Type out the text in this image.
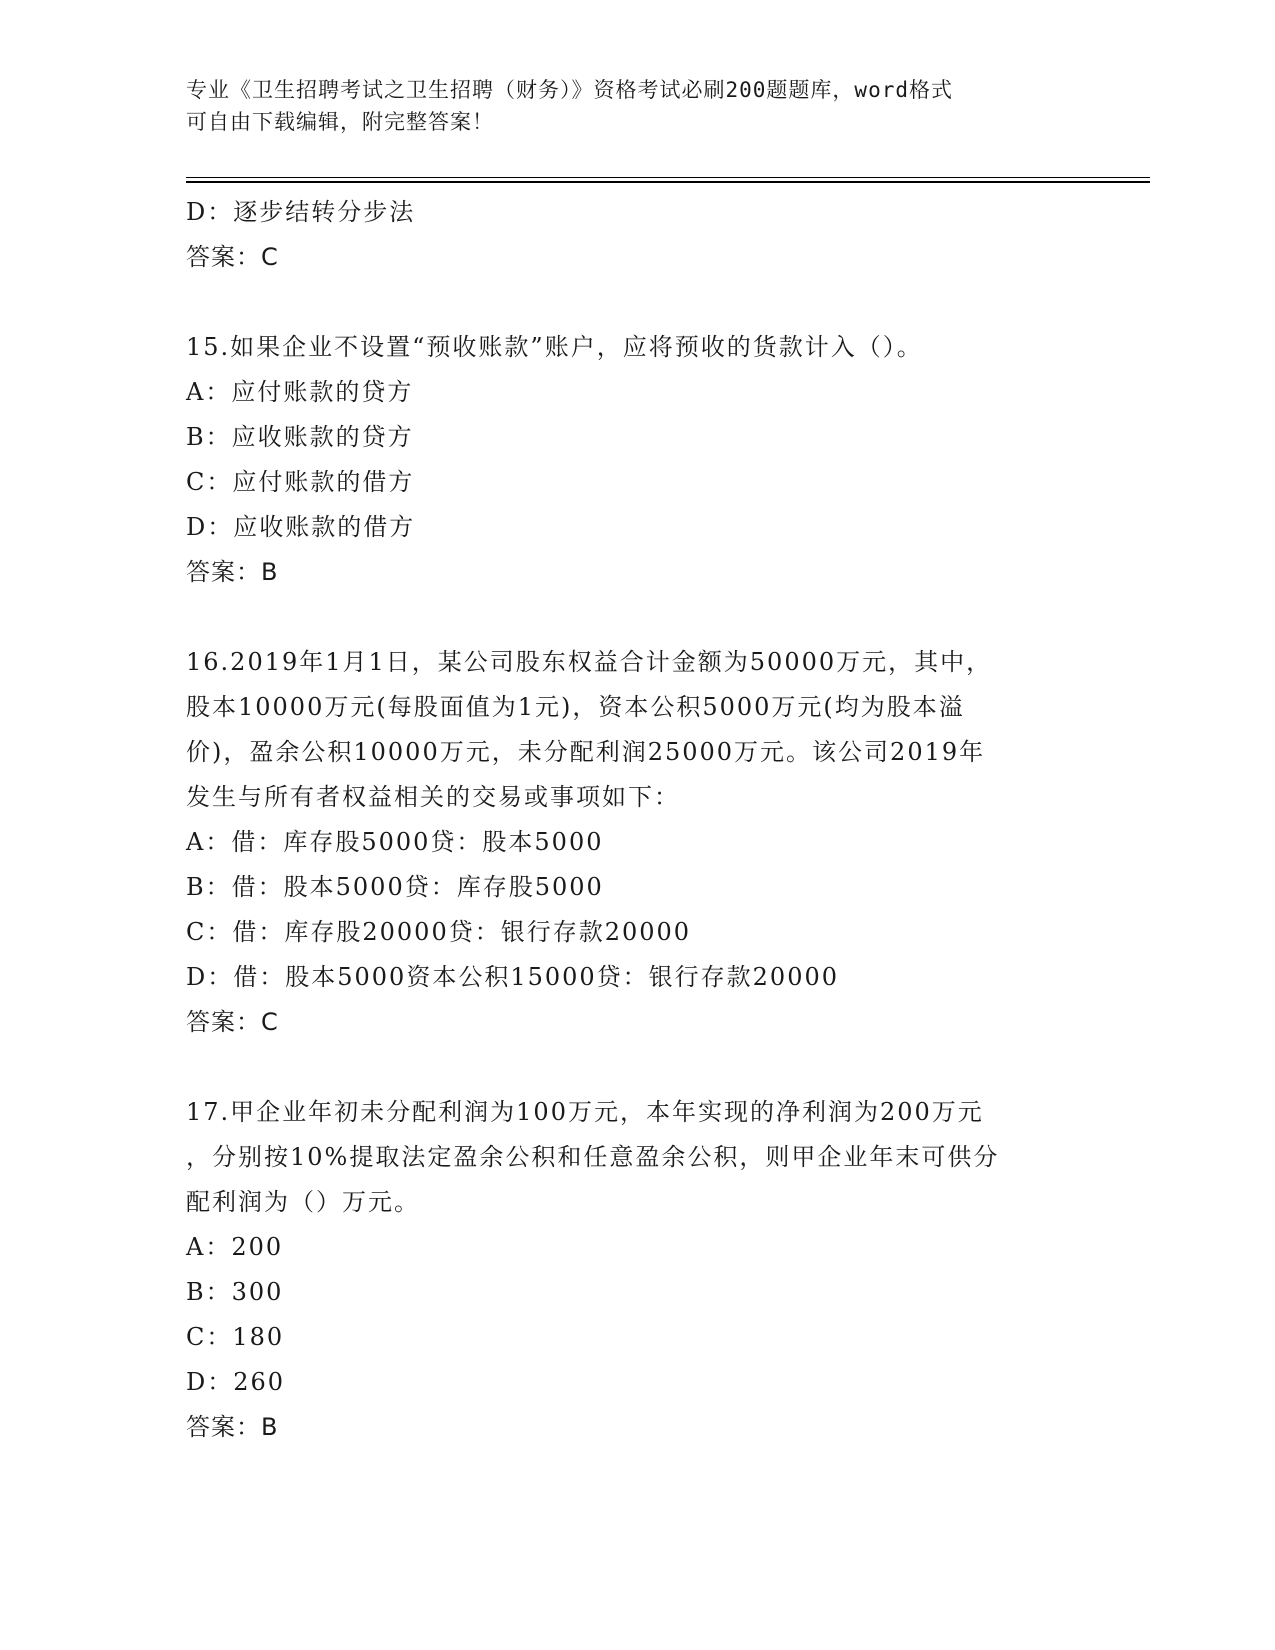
专业《卫生招聘考试之卫生招聘（财务）》资格考试必刷200题题库，word格式
可自由下载编辑，附完整答案！
D：逐步结转分步法
答案：C
15.如果企业不设置“预收账款”账户，应将预收的货款计入（）。
A：应付账款的贷方
B：应收账款的贷方
C：应付账款的借方
D：应收账款的借方
答案：B
16.2019年1月1日，某公司股东权益合计金额为50000万元，其中，
股本10000万元(每股面值为1元)，资本公积5000万元(均为股本溢
价)，盈余公积10000万元，未分配利润25000万元。该公司2019年
发生与所有者权益相关的交易或事项如下：
A：借：库存股5000贷：股本5000
B：借：股本5000贷：库存股5000
C：借：库存股20000贷：银行存款20000
D：借：股本5000资本公积15000贷：银行存款20000
答案：C
17.甲企业年初未分配利润为100万元，本年实现的净利润为200万元
，分别按10%提取法定盈余公积和任意盈余公积，则甲企业年末可供分
配利润为（）万元。
A：200
B：300
C：180
D：260
答案：B
